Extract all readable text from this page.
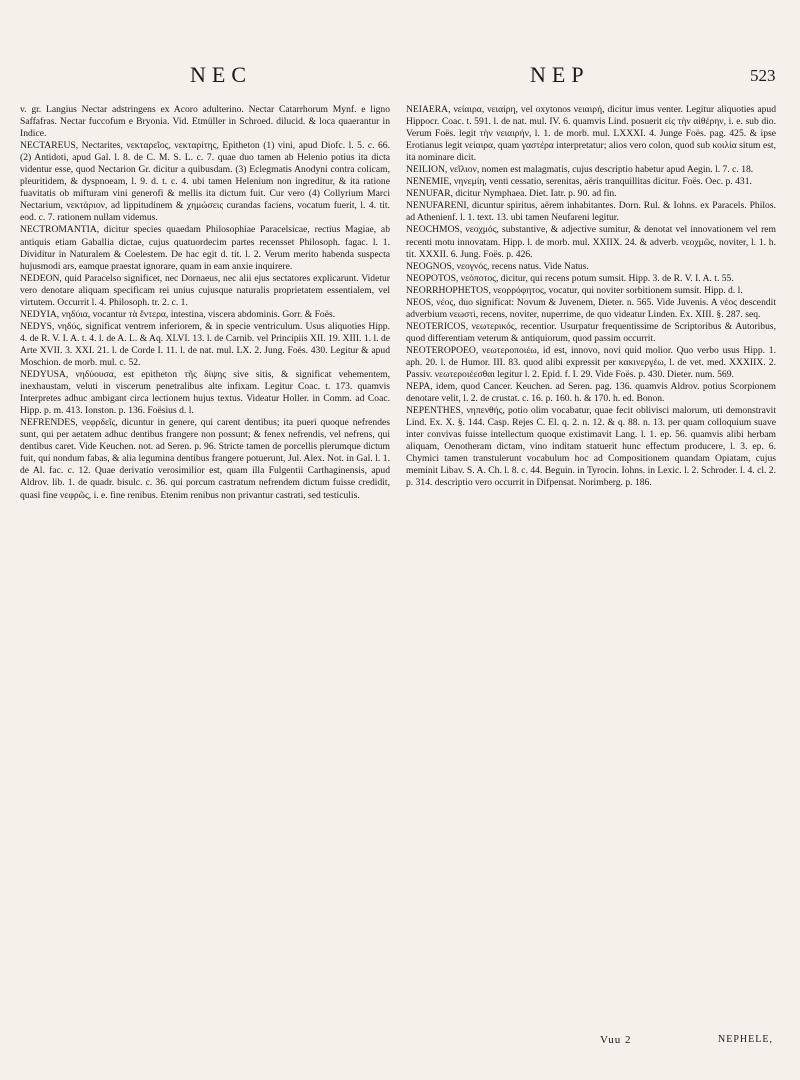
NEC	NEP	523

v. gr. Langius Nectar adstringens ex Acoro adulterino. Nectar Catarrhorum Mynf. e ligno Saffafras. Nectar fuccofum e Bryonia. Vid. Etmüller in Schroed. dilucid. & loca quaerantur in Indice.

NECTAREUS, Nectarites, νεκταρεῖος, νεκταρίτης, Epitheton (1) vini, apud Diofc. l. 5. c. 66. (2) Antidoti, apud Gal. l. 8. de C. M. S. L. c. 7. quae duo tamen ab Helenio potius ita dicta videntur esse, quod Nectarion Gr. dicitur a quibusdam. (3) Eclegmatis Anodyni contra colicam, pleuritidem, & dyspnoeam, l. 9. d. t. c. 4. ubi tamen Helenium non ingreditur, & ita ratione fuavitatis ob mifturam vini generofi & mellis ita dictum fuit. Cur vero (4) Collyrium Marci Nectarium, νεκτάριον, ad lippitudinem & χημώσεις curandas faciens, vocatum fuerit, l. 4. tit. eod. c. 7. rationem nullam videmus.

NECTROMANTIA, dicitur species quaedam Philosophiae Paracelsicae, rectius Magiae, ab antiquis etiam Gaballia dictae, cujus quatuordecim partes recensset Philosoph. fagac. l. 1. Dividitur in Naturalem & Coelestem. De hac egit d. tit. l. 2. Verum merito habenda suspecta hujusmodi ars, eamque praestat ignorare, quam in eam anxie inquirere.

NEDEON, quid Paracelso significet, nec Dornaeus, nec alii ejus sectatores explicarunt. Videtur vero denotare aliquam specificam rei unius cujusque naturalis proprietatem essentialem, vel virtutem. Occurrit l. 4. Philosoph. tr. 2. c. 1.

NEDYIA, νηδύια, vocantur τὰ ἔντερα, intestina, viscera abdominis. Gorr. & Foës.

NEDYS, νηδύς, significat ventrem inferiorem, & in specie ventriculum. Usus aliquoties Hipp. 4. de R. V. I. A. t. 4. l. de A. L. & Aq. XLVI. 13. l. de Carnib. vel Principiis XII. 19. XIII. 1. l. de Arte XVII. 3. XXI. 21. l. de Corde I. 11. l. de nat. mul. LX. 2. Jung. Foës. 430. Legitur & apud Moschion. de morb. mul. c. 52.

NEDYUSA, νηδύουσα, est epitheton τῆς δίψης sive sitis, & significat vehementem, inexhaustam, veluti in viscerum penetralibus alte infixam. Legitur Coac. t. 173. quamvis Interpretes adhuc ambigant circa lectionem hujus textus. Videatur Holler. in Comm. ad Coac. Hipp. p. m. 413. Ionston. p. 136. Foësius d. l.

NEFRENDES, νεφρδεῖς, dicuntur in genere, qui carent dentibus; ita pueri quoque nefrendes sunt, qui per aetatem adhuc dentibus frangere non possunt; & fenex nefrendis, vel nefrens, qui dentibus caret. Vide Keuchen. not. ad Seren. p. 96. Stricte tamen de porcellis plerumque dictum fuit, qui nondum fabas, & alia legumina dentibus frangere potuerunt, Jul. Alex. Not. in Gal. l. 1. de Al. fac. c. 12. Quae derivatio verosimilior est, quam illa Fulgentii Carthaginensis, apud Aldrov. lib. 1. de quadr. bisulc. c. 36. qui porcum castratum nefrendem dictum fuisse credidit, quasi fine νεφρῶς, i. e. fine renibus. Etenim renibus non privantur castrati, sed testiculis.

NEIAERA, νείαιρα, νειαίρη, vel oxytonos νειαιρή, dicitur imus venter. Legitur aliquoties apud Hippocr. Coac. t. 591. l. de nat. mul. IV. 6. quamvis Lind. posuerit εἰς τὴν αἰθέρην, i. e. sub dio. Verum Foës. legit τὴν νειαιρήν, l. 1. de morb. mul. LXXXI. 4. Junge Foës. pag. 425. & ipse Erotianus legit νείαιρα, quam γαστέρα interpretatur; alios vero colon, quod sub κοιλία situm est, ita nominare dicit.

NEILION, νεῖλιον, nomen est malagmatis, cujus descriptio habetur apud Aegin. l. 7. c. 18.

NENEMIE, νηνεμίη, venti cessatio, serenitas, aëris tranquillitas dicitur. Foës. Oec. p. 431.

NENUFAR, dicitur Nymphaea. Diet. Iatr. p. 90. ad fin.

NENUFARENI, dicuntur spiritus, aërem inhabitantes. Dorn. Rul. & Iohns. ex Paracels. Philos. ad Athenienf. l. 1. text. 13. ubi tamen Neufareni legitur.

NEOCHMOS, νεοχμός, substantive, & adjective sumitur, & denotat vel innovationem vel rem recenti motu innovatam. Hipp. l. de morb. mul. XXIIX. 24. & adverb. νεοχμῶς, noviter, l. 1. h. tit. XXXII. 6. Jung. Foës. p. 426.

NEOGNOS, νεογνός, recens natus. Vide Natus.

NEOPOTOS, νεόποτος, dicitur, qui recens potum sumsit. Hipp. 3. de R. V. I. A. t. 55.

NEORRHOPHETOS, νεορρόφητος, vocatur, qui noviter sorbitionem sumsit. Hipp. d. l.

NEOS, νέος, duo significat: Novum & Juvenem, Dieter. n. 565. Vide Juvenis. A νέος descendit adverbium νεωστὶ, recens, noviter, nuperrime, de quo videatur Linden. Ex. XIII. §. 287. seq.

NEOTERICOS, νεωτερικός, recentior. Usurpatur frequentissime de Scriptoribus & Autoribus, quod differentiam veterum & antiquiorum, quod passim occurrit.

NEOTEROPOEO, νεωτεροποιέω, id est, innovo, novi quid molior. Quo verbo usus Hipp. 1. aph. 20. l. de Humor. III. 83. quod alibi expressit per κακινεργέω, l. de vet. med. XXXIIX. 2. Passiv. νεωτεροιέεσθαι legitur l. 2. Epid. f. I. 29. Vide Foës. p. 430. Dieter. num. 569.

NEPA, idem, quod Cancer. Keuchen. ad Seren. pag. 136. quamvis Aldrov. potius Scorpionem denotare velit, l. 2. de crustat. c. 16. p. 160. h. & 170. h. ed. Bonon.

NEPENTHES, νηπενθής, potio olim vocabatur, quae fecit oblivisci malorum, uti demonstravit Lind. Ex. X. §. 144. Casp. Rejes C. El. q. 2. n. 12. & q. 88. n. 13. per quam colloquium suave inter convivas fuisse intellectum quoque existimavit Lang. l. 1. ep. 56. quamvis alibi herbam aliquam, Oenotheram dictam, vino inditam statuerit hunc effectum producere, l. 3. ep. 6. Chymici tamen transtulerunt vocabulum hoc ad Compositionem quandam Opiatam, cujus meminit Libav. S. A. Ch. l. 8. c. 44. Beguin. in Tyrocin. Iohns. in Lexic. l. 2. Schroder. l. 4. cl. 2. p. 314. descriptio vero occurrit in Difpensat. Norimberg. p. 186.

Vuu 2	NEPHELE,
